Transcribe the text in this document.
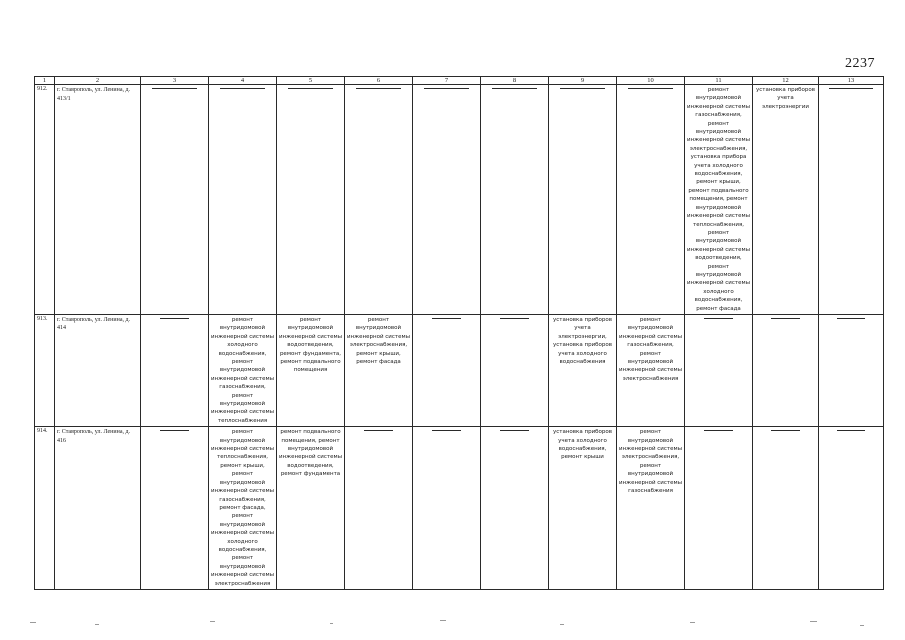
2237
1	2	3	4	5	6	7	8	9	10	11	12	13
912.	г. Ставрополь, ул. Ленина, д. 413/1									ремонт внутридомовой инженерной системы газоснабжения, ремонт внутридомовой инженерной системы электроснабжения, установка прибора учета холодного водоснабжения, ремонт крыши, ремонт подвального помещения, ремонт внутридомовой инженерной системы теплоснабжения, ремонт внутридомовой инженерной системы водоотведения, ремонт внутридомовой инженерной системы холодного водоснабжения, ремонт фасада	установка приборов учета электроэнергии	

913.	г. Ставрополь, ул. Ленина, д. 414		ремонт внутридомовой инженерной системы холодного водоснабжения, ремонт внутридомовой инженерной системы газоснабжения, ремонт внутридомовой инженерной системы теплоснабжения	ремонт внутридомовой инженерной системы водоотведения, ремонт фундамента, ремонт подвального помещения	ремонт внутридомовой инженерной системы электроснабжения, ремонт крыши, ремонт фасада			установка приборов учета электроэнергии, установка приборов учета холодного водоснабжения	ремонт внутридомовой инженерной системы газоснабжения, ремонт внутридомовой инженерной системы электроснабжения	

914.	г. Ставрополь, ул. Ленина, д. 416		ремонт внутридомовой инженерной системы теплоснабжения, ремонт крыши, ремонт внутридомовой инженерной системы газоснабжения, ремонт фасада, ремонт внутридомовой инженерной системы холодного водоснабжения, ремонт внутридомовой инженерной системы электроснабжения	ремонт подвального помещения, ремонт внутридомовой инженерной системы водоотведения, ремонт фундамента				установка приборов учета холодного водоснабжения, ремонт крыши	ремонт внутридомовой инженерной системы электроснабжения, ремонт внутридомовой инженерной системы газоснабжения	
